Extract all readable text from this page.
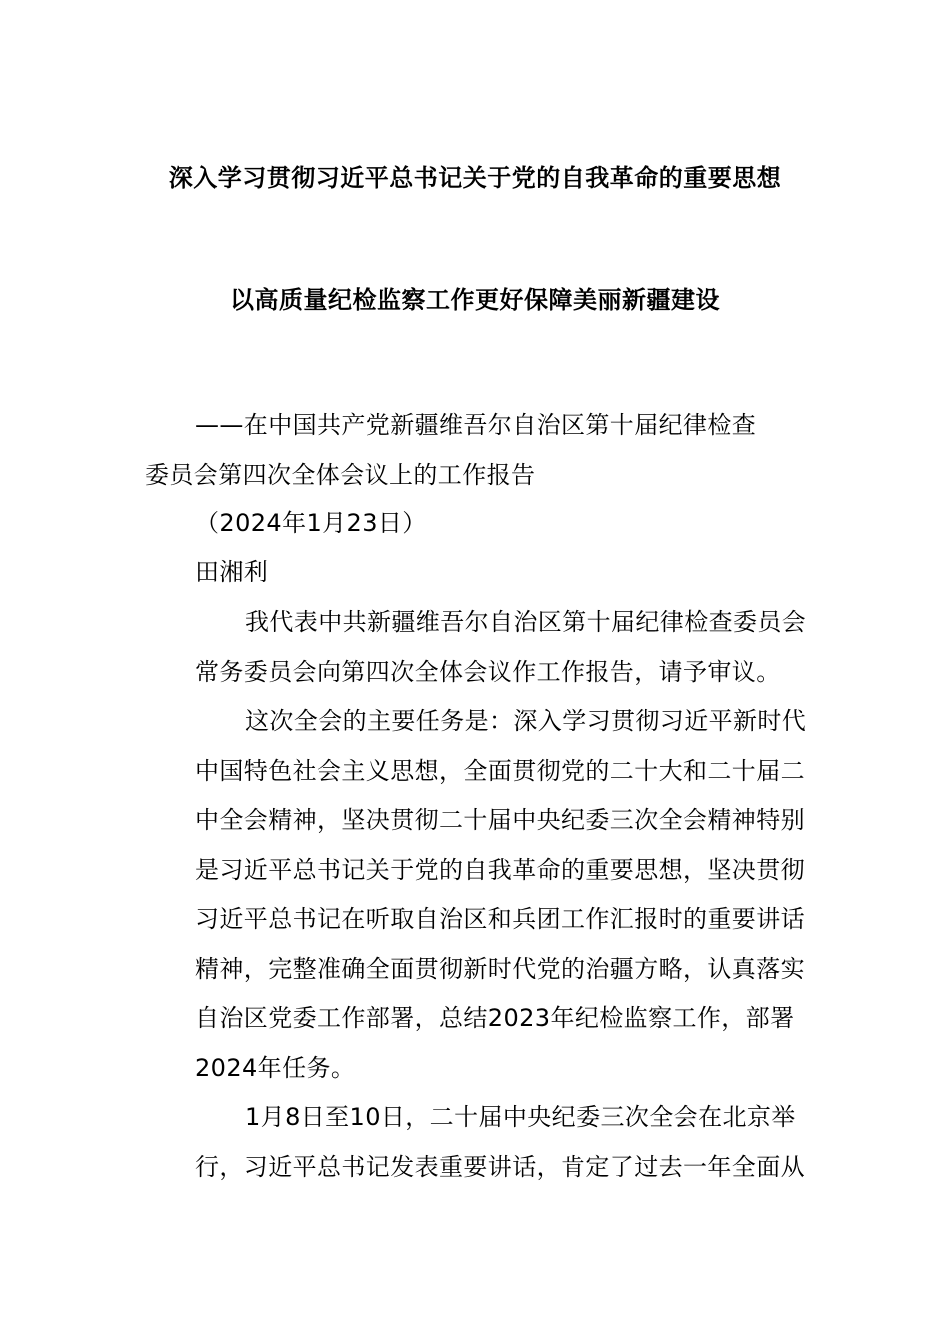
深入学习贯彻习近平总书记关于党的自我革命的重要思想
以高质量纪检监察工作更好保障美丽新疆建设
——在中国共产党新疆维吾尔自治区第十届纪律检查
委员会第四次全体会议上的工作报告
（2024年1月23日）
田湘利
我代表中共新疆维吾尔自治区第十届纪律检查委员会
常务委员会向第四次全体会议作工作报告，请予审议。
这次全会的主要任务是：深入学习贯彻习近平新时代
中国特色社会主义思想，全面贯彻党的二十大和二十届二
中全会精神，坚决贯彻二十届中央纪委三次全会精神特别
是习近平总书记关于党的自我革命的重要思想，坚决贯彻
习近平总书记在听取自治区和兵团工作汇报时的重要讲话
精神，完整准确全面贯彻新时代党的治疆方略，认真落实
自治区党委工作部署，总结2023年纪检监察工作，部署
2024年任务。
1月8日至10日，二十届中央纪委三次全会在北京举
行，习近平总书记发表重要讲话，肯定了过去一年全面从
